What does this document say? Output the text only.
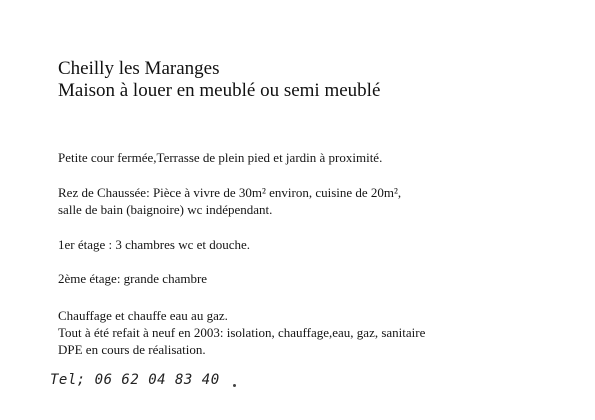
Cheilly les Maranges
Maison à louer en meublé ou semi meublé
Petite cour fermée,Terrasse de plein pied et jardin à proximité.
Rez de Chaussée: Pièce à vivre de 30m² environ, cuisine de 20m²,
salle de bain (baignoire) wc indépendant.
1er étage : 3 chambres wc et douche.
2ème étage: grande chambre
Chauffage et chauffe eau au gaz.
Tout à été refait à neuf en 2003: isolation, chauffage,eau, gaz, sanitaire
DPE en cours de réalisation.
Tel; 06 62 04 83 40
